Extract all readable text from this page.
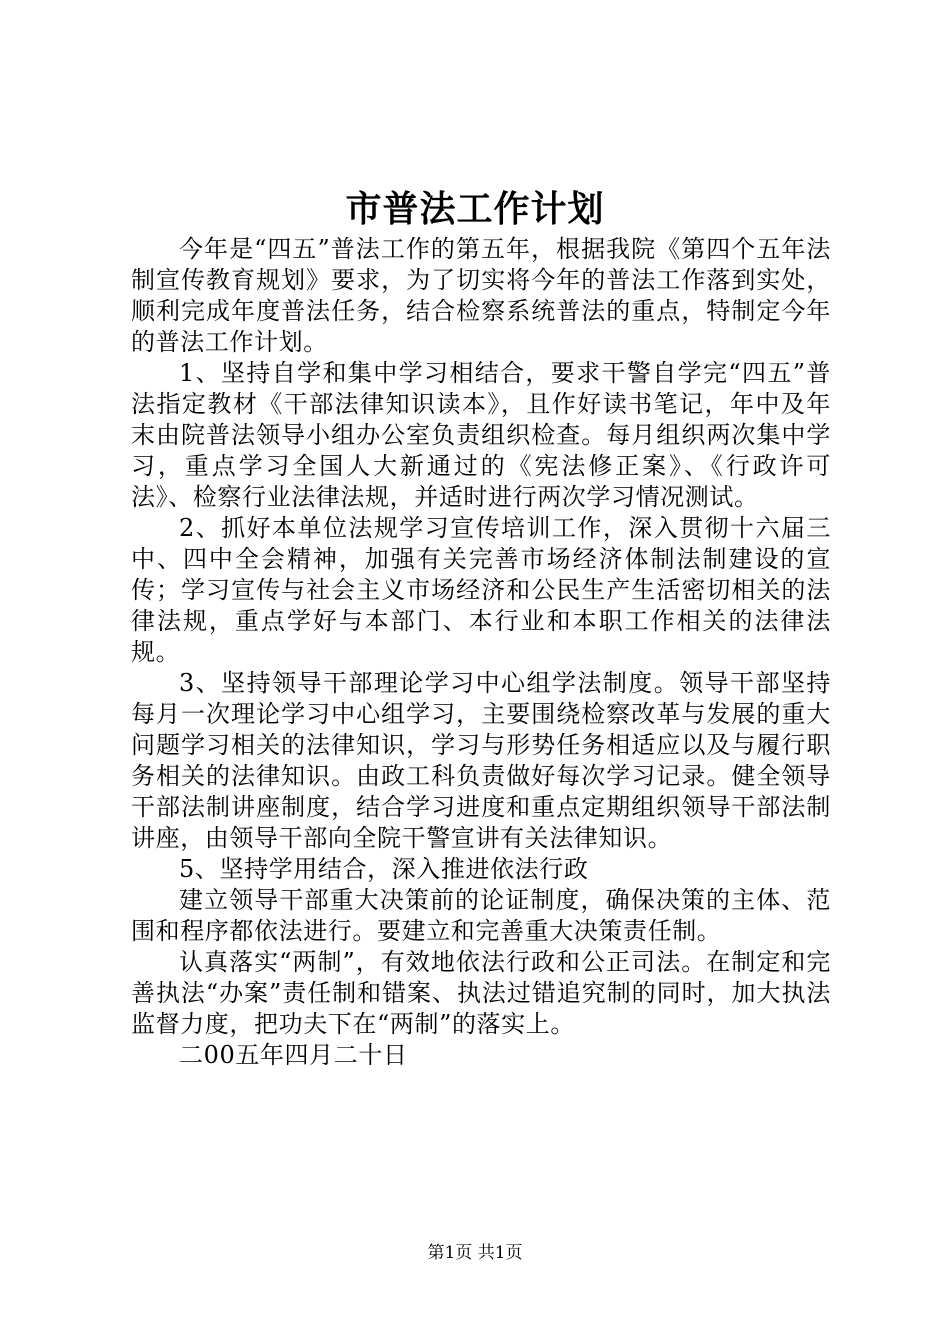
市普法工作计划

今年是“四五”普法工作的第五年，根据我院《第四个五年法制宣传教育规划》要求，为了切实将今年的普法工作落到实处，顺利完成年度普法任务，结合检察系统普法的重点，特制定今年的普法工作计划。

1、坚持自学和集中学习相结合，要求干警自学完“四五”普法指定教材《干部法律知识读本》，且作好读书笔记，年中及年末由院普法领导小组办公室负责组织检查。每月组织两次集中学习，重点学习全国人大新通过的《宪法修正案》、《行政许可法》、检察行业法律法规，并适时进行两次学习情况测试。

2、抓好本单位法规学习宣传培训工作，深入贯彻十六届三中、四中全会精神，加强有关完善市场经济体制法制建设的宣传；学习宣传与社会主义市场经济和公民生产生活密切相关的法律法规，重点学好与本部门、本行业和本职工作相关的法律法规。

3、坚持领导干部理论学习中心组学法制度。领导干部坚持每月一次理论学习中心组学习，主要围绕检察改革与发展的重大问题学习相关的法律知识，学习与形势任务相适应以及与履行职务相关的法律知识。由政工科负责做好每次学习记录。健全领导干部法制讲座制度，结合学习进度和重点定期组织领导干部法制讲座，由领导干部向全院干警宣讲有关法律知识。

5、坚持学用结合，深入推进依法行政

建立领导干部重大决策前的论证制度，确保决策的主体、范围和程序都依法进行。要建立和完善重大决策责任制。

认真落实“两制”，有效地依法行政和公正司法。在制定和完善执法“办案”责任制和错案、执法过错追究制的同时，加大执法监督力度，把功夫下在“两制”的落实上。

二00五年四月二十日

第1页 共1页
